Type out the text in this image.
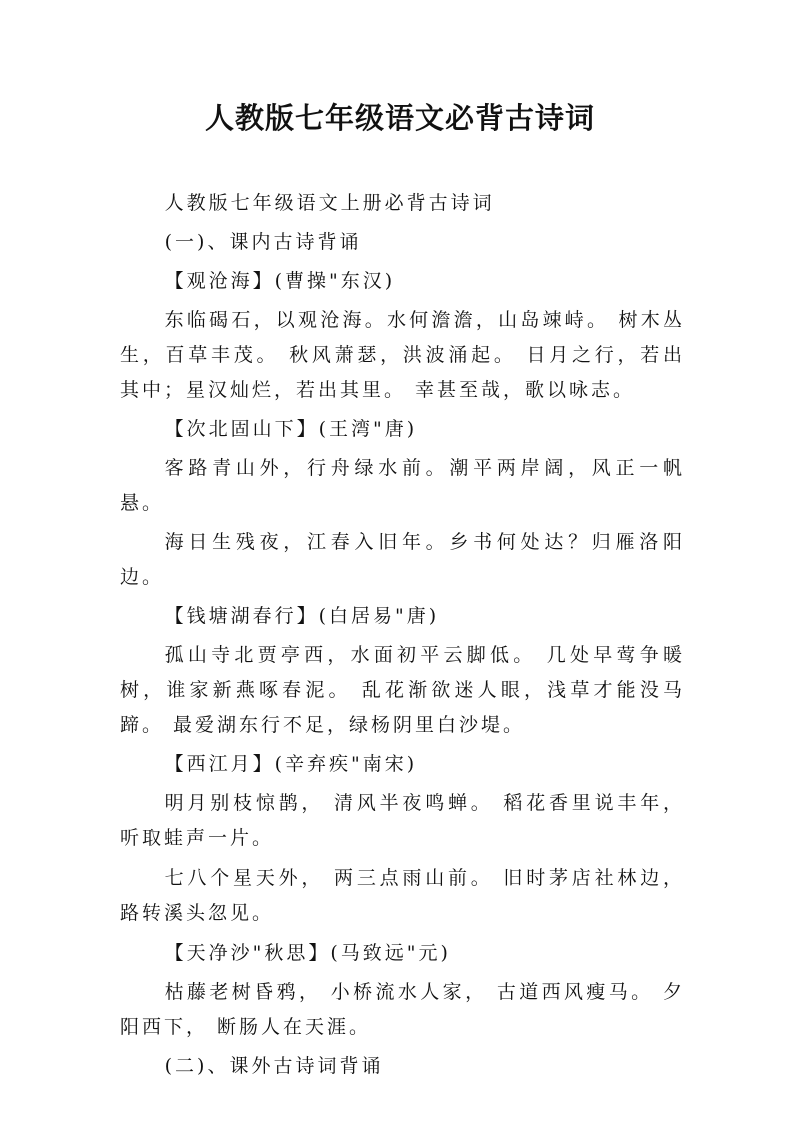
人教版七年级语文必背古诗词

人教版七年级语文上册必背古诗词

(一)、课内古诗背诵

【观沧海】(曹操"东汉)

东临碣石，以观沧海。水何澹澹，山岛竦峙。 树木丛生，百草丰茂。 秋风萧瑟，洪波涌起。 日月之行，若出其中；星汉灿烂，若出其里。 幸甚至哉，歌以咏志。

【次北固山下】(王湾"唐)

客路青山外，行舟绿水前。潮平两岸阔，风正一帆悬。

海日生残夜，江春入旧年。乡书何处达？归雁洛阳边。

【钱塘湖春行】(白居易"唐)

孤山寺北贾亭西，水面初平云脚低。 几处早莺争暖树，谁家新燕啄春泥。 乱花渐欲迷人眼，浅草才能没马蹄。 最爱湖东行不足，绿杨阴里白沙堤。

【西江月】(辛弃疾"南宋)

明月别枝惊鹊， 清风半夜鸣蝉。 稻花香里说丰年，听取蛙声一片。

七八个星天外， 两三点雨山前。 旧时茅店社林边，路转溪头忽见。

【天净沙"秋思】(马致远"元)

枯藤老树昏鸦， 小桥流水人家， 古道西风瘦马。 夕阳西下， 断肠人在天涯。

(二)、课外古诗词背诵
